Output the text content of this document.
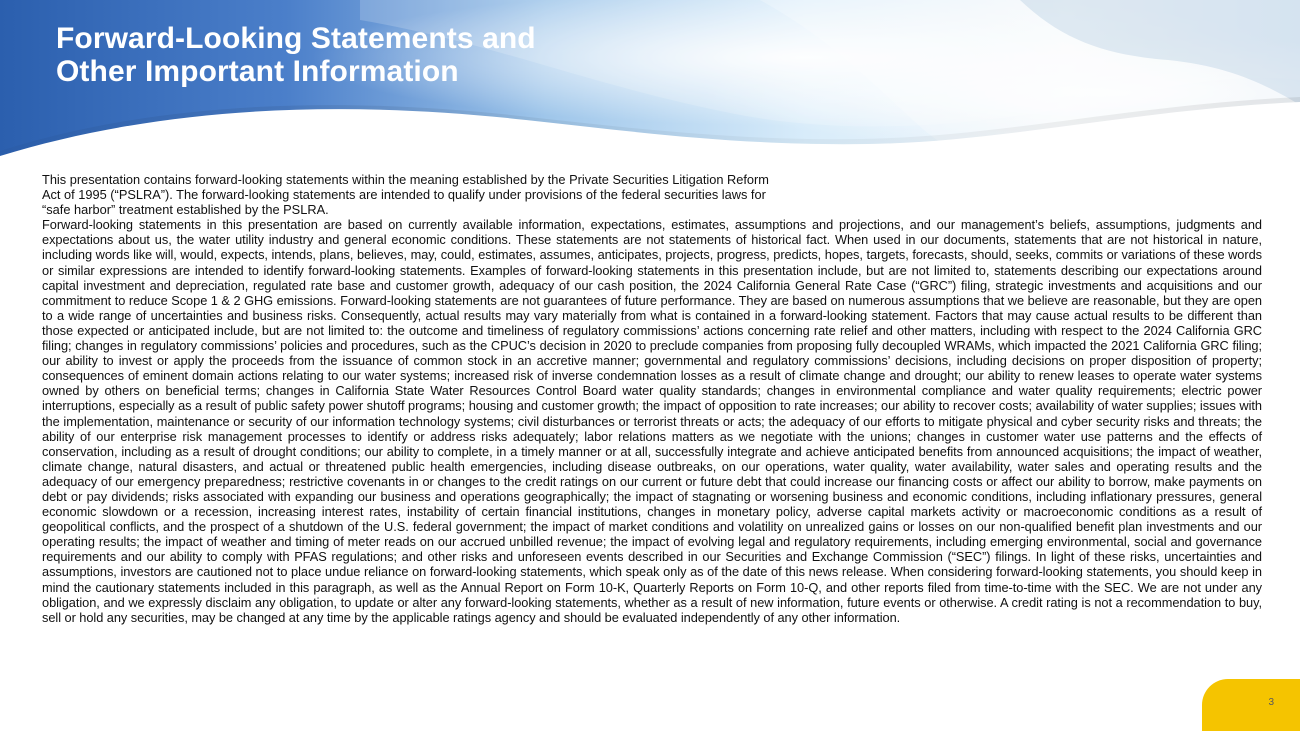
Forward-Looking Statements and
Other Important Information

This presentation contains forward-looking statements within the meaning established by the Private Securities Litigation Reform Act of 1995 (“PSLRA”). The forward-looking statements are intended to qualify under provisions of the federal securities laws for “safe harbor” treatment established by the PSLRA.

Forward-looking statements in this presentation are based on currently available information, expectations, estimates, assumptions and projections, and our management’s beliefs, assumptions, judgments and expectations about us, the water utility industry and general economic conditions. These statements are not statements of historical fact. When used in our documents, statements that are not historical in nature, including words like will, would, expects, intends, plans, believes, may, could, estimates, assumes, anticipates, projects, progress, predicts, hopes, targets, forecasts, should, seeks, commits or variations of these words or similar expressions are intended to identify forward-looking statements. Examples of forward-looking statements in this presentation include, but are not limited to, statements describing our expectations around capital investment and depreciation, regulated rate base and customer growth, adequacy of our cash position, the 2024 California General Rate Case (“GRC”) filing, strategic investments and acquisitions and our commitment to reduce Scope 1 & 2 GHG emissions. Forward-looking statements are not guarantees of future performance. They are based on numerous assumptions that we believe are reasonable, but they are open to a wide range of uncertainties and business risks. Consequently, actual results may vary materially from what is contained in a forward-looking statement. Factors that may cause actual results to be different than those expected or anticipated include, but are not limited to: the outcome and timeliness of regulatory commissions’ actions concerning rate relief and other matters, including with respect to the 2024 California GRC filing; changes in regulatory commissions’ policies and procedures, such as the CPUC’s decision in 2020 to preclude companies from proposing fully decoupled WRAMs, which impacted the 2021 California GRC filing; our ability to invest or apply the proceeds from the issuance of common stock in an accretive manner; governmental and regulatory commissions’ decisions, including decisions on proper disposition of property; consequences of eminent domain actions relating to our water systems; increased risk of inverse condemnation losses as a result of climate change and drought; our ability to renew leases to operate water systems owned by others on beneficial terms; changes in California State Water Resources Control Board water quality standards; changes in environmental compliance and water quality requirements; electric power interruptions, especially as a result of public safety power shutoff programs; housing and customer growth; the impact of opposition to rate increases; our ability to recover costs; availability of water supplies; issues with the implementation, maintenance or security of our information technology systems; civil disturbances or terrorist threats or acts; the adequacy of our efforts to mitigate physical and cyber security risks and threats; the ability of our enterprise risk management processes to identify or address risks adequately; labor relations matters as we negotiate with the unions; changes in customer water use patterns and the effects of conservation, including as a result of drought conditions; our ability to complete, in a timely manner or at all, successfully integrate and achieve anticipated benefits from announced acquisitions; the impact of weather, climate change, natural disasters, and actual or threatened public health emergencies, including disease outbreaks, on our operations, water quality, water availability, water sales and operating results and the adequacy of our emergency preparedness; restrictive covenants in or changes to the credit ratings on our current or future debt that could increase our financing costs or affect our ability to borrow, make payments on debt or pay dividends; risks associated with expanding our business and operations geographically; the impact of stagnating or worsening business and economic conditions, including inflationary pressures, general economic slowdown or a recession, increasing interest rates, instability of certain financial institutions, changes in monetary policy, adverse capital markets activity or macroeconomic conditions as a result of geopolitical conflicts, and the prospect of a shutdown of the U.S. federal government; the impact of market conditions and volatility on unrealized gains or losses on our non-qualified benefit plan investments and our operating results; the impact of weather and timing of meter reads on our accrued unbilled revenue; the impact of evolving legal and regulatory requirements, including emerging environmental, social and governance requirements and our ability to comply with PFAS regulations; and other risks and unforeseen events described in our Securities and Exchange Commission (“SEC”) filings. In light of these risks, uncertainties and assumptions, investors are cautioned not to place undue reliance on forward-looking statements, which speak only as of the date of this news release. When considering forward-looking statements, you should keep in mind the cautionary statements included in this paragraph, as well as the Annual Report on Form 10-K, Quarterly Reports on Form 10-Q, and other reports filed from time-to-time with the SEC. We are not under any obligation, and we expressly disclaim any obligation, to update or alter any forward-looking statements, whether as a result of new information, future events or otherwise. A credit rating is not a recommendation to buy, sell or hold any securities, may be changed at any time by the applicable ratings agency and should be evaluated independently of any other information.

3
